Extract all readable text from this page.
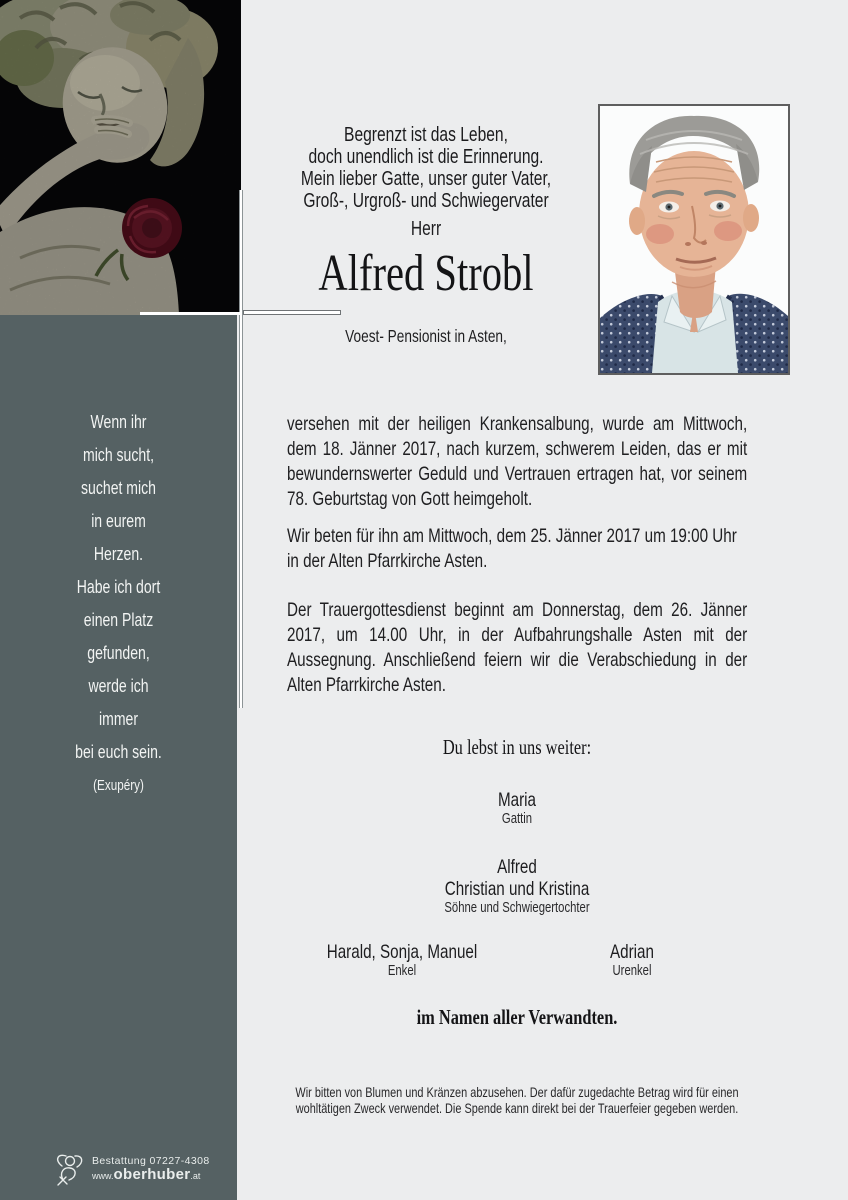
Wenn ihr
mich sucht,
suchet mich
in eurem
Herzen.
Habe ich dort
einen Platz
gefunden,
werde ich
immer
bei euch sein.
(Exupéry)
Bestattung 07227-4308
www.oberhuber.at
Begrenzt ist das Leben,
doch unendlich ist die Erinnerung.
Mein lieber Gatte, unser guter Vater,
Groß-, Urgroß- und Schwiegervater
Herr
Alfred Strobl
Voest- Pensionist in Asten,
versehen mit der heiligen Krankensalbung, wurde am Mittwoch, dem 18. Jänner 2017, nach kurzem, schwerem Leiden, das er mit bewundernswerter Geduld und Vertrauen ertragen hat, vor seinem 78. Geburtstag von Gott heimgeholt.
Wir beten für ihn am Mittwoch, dem 25. Jänner 2017 um 19:00 Uhr in der Alten Pfarrkirche Asten.
Der Trauergottesdienst beginnt am Donnerstag, dem 26. Jänner 2017, um 14.00 Uhr, in der Aufbahrungshalle Asten mit der Aussegnung. Anschließend feiern wir die Verabschiedung in der Alten Pfarrkirche Asten.
Du lebst in uns weiter:
Maria
Gattin
Alfred
Christian und Kristina
Söhne und Schwiegertochter
Harald, Sonja, Manuel
Enkel
Adrian
Urenkel
im Namen aller Verwandten.
Wir bitten von Blumen und Kränzen abzusehen. Der dafür zugedachte Betrag wird für einen wohltätigen Zweck verwendet. Die Spende kann direkt bei der Trauerfeier gegeben werden.
